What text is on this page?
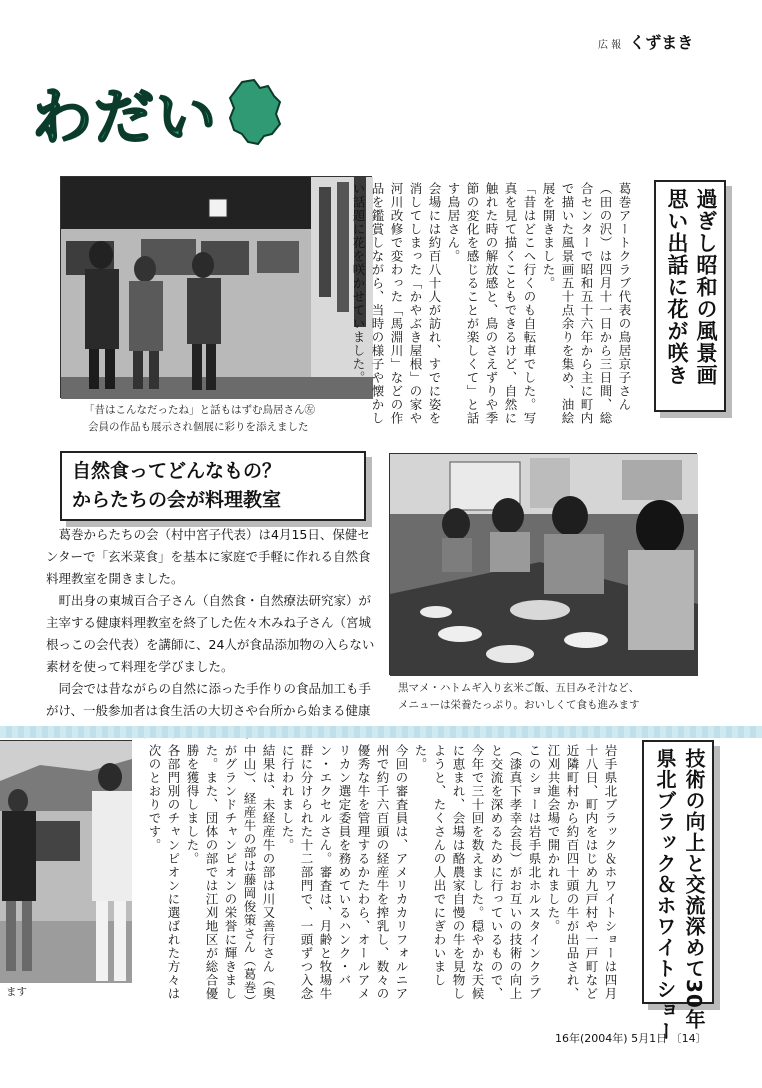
広 報 くずまき
わだい
「昔はこんなだったね」と話もはずむ鳥居さん㊧
会員の作品も展示され個展に彩りを添えました

葛巻アートクラブ代表の鳥居京子さん（田の沢）は四月十一日から三日間、総合センターで昭和五十六年から主に町内で描いた風景画五十点余りを集め、油絵展を開きました。

「昔はどこへ行くのも自転車でした。写真を見て描くこともできるけど、自然に触れた時の解放感と、鳥のさえずりや季節の変化を感じることが楽しくて」と話す鳥居さん。

会場には約百八十人が訪れ、すでに姿を消してしまった「かやぶき屋根」の家や河川改修で変わった「馬淵川」などの作品を鑑賞しながら、当時の様子や懐かしい話題に花を咲かせていました。	過ぎし昭和の風景画
思い出話に花が咲き
自然食ってどんなもの？
からたちの会が料理教室

葛巻からたちの会（村中宮子代表）は4月15日、保健センターで「玄米菜食」を基本に家庭で手軽に作れる自然食料理教室を開きました。

町出身の東城百合子さん（自然食・自然療法研究家）が主宰する健康料理教室を終了した佐々木みね子さん（宮城根っこの会代表）を講師に、24人が食品添加物の入らない素材を使って料理を学びました。

同会では昔ながらの自然に添った手作りの食品加工も手がけ、一般参加者は食生活の大切さや台所から始まる健康

黒マメ・ハトムギ入り玄米ご飯、五目みそ汁など、
メニューは栄養たっぷり。おいしくて食も進みます
ます	岩手県北ブラック＆ホワイトショーは四月十八日、町内をはじめ九戸村や一戸町など近隣町村から約百四十頭の牛が出品され、江刈共進会場で開かれました。

このショーは岩手県北ホルスタインクラブ（漆真下孝幸会長）がお互いの技術の向上と交流を深めるために行っているもので、今年で三十回を数えました。穏やかな天候に恵まれ、会場は酪農家自慢の牛を見物しようと、たくさんの人出でにぎわいました。

今回の審査員は、アメリカカリフォルニア州で約千六百頭の経産牛を搾乳し、数々の優秀な牛を管理するかたわら、オールアメリカン選定委員を務めているハンク・バン・エクセルさん。審査は、月齢と牧場牛群に分けられた十二部門で、一頭ずつ入念に行われました。

結果は、未経産牛の部は川又善行さん（奥中山）、経産牛の部は藤岡俊策さん（葛巻）がグランドチャンピオンの栄誉に輝きました。また、団体の部では江刈地区が総合優勝を獲得しました。

各部門別のチャンピオンに選ばれた方々は次のとおりです。	技術の向上と交流深めて30年
県北ブラック＆ホワイトショー
16年(2004年) 5月1日 〔14〕
